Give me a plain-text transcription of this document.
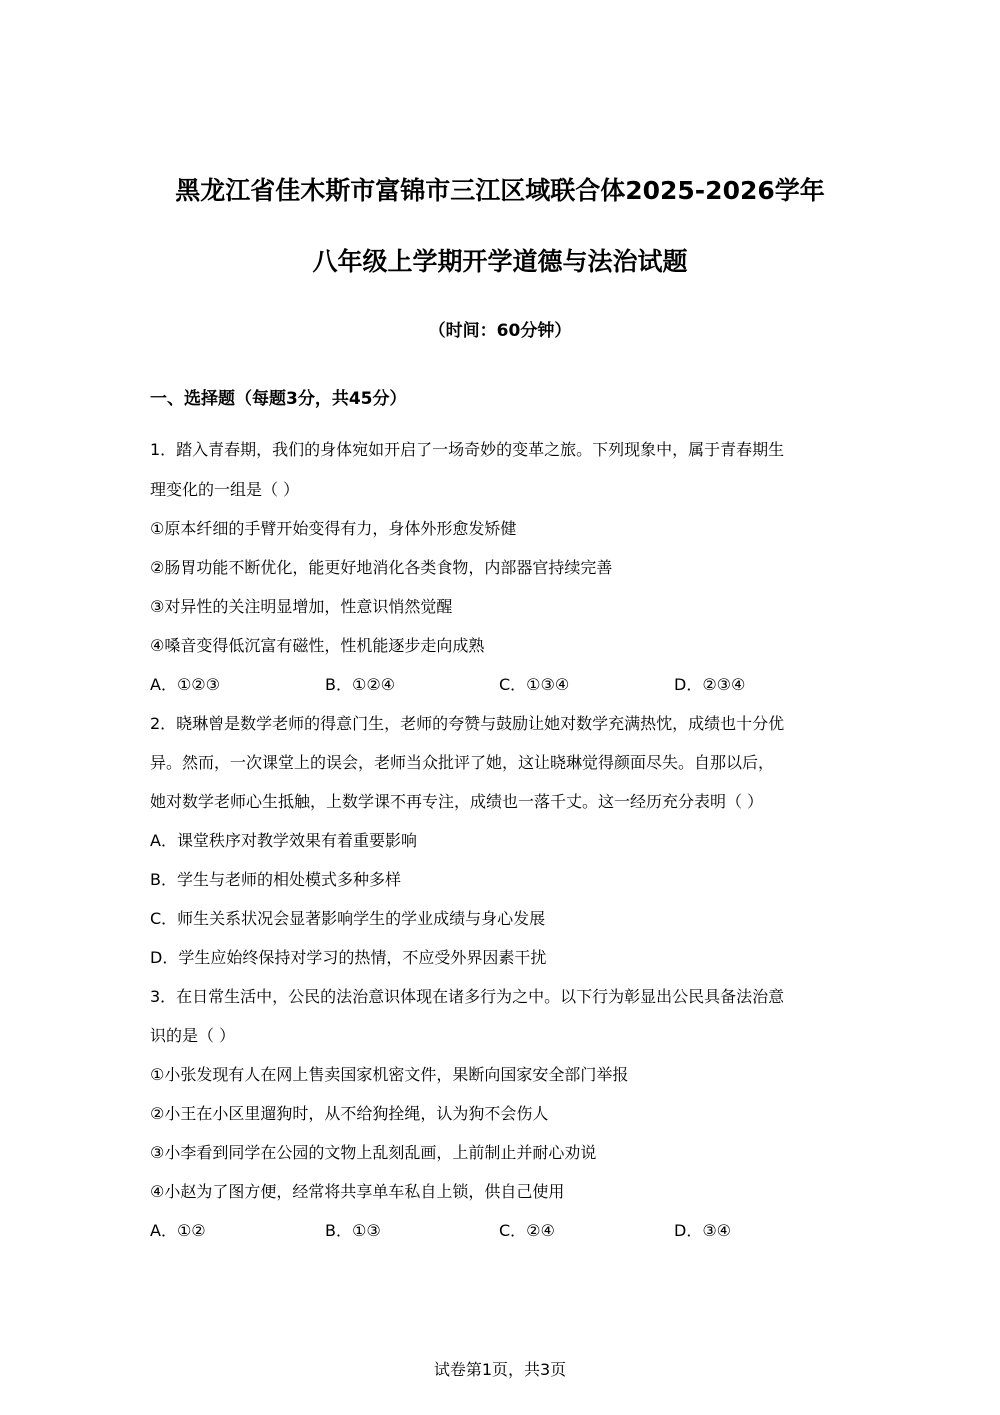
黑龙江省佳木斯市富锦市三江区域联合体2025-2026学年
八年级上学期开学道德与法治试题
（时间：60分钟）
一、选择题（每题3分，共45分）
1．踏入青春期，我们的身体宛如开启了一场奇妙的变革之旅。下列现象中，属于青春期生
理变化的一组是（ ）
①原本纤细的手臂开始变得有力，身体外形愈发矫健
②肠胃功能不断优化，能更好地消化各类食物，内部器官持续完善
③对异性的关注明显增加，性意识悄然觉醒
④嗓音变得低沉富有磁性，性机能逐步走向成熟
A．①②③	B．①②④	C．①③④	D．②③④
2．晓琳曾是数学老师的得意门生，老师的夸赞与鼓励让她对数学充满热忱，成绩也十分优
异。然而，一次课堂上的误会，老师当众批评了她，这让晓琳觉得颜面尽失。自那以后，
她对数学老师心生抵触，上数学课不再专注，成绩也一落千丈。这一经历充分表明（ ）
A．课堂秩序对教学效果有着重要影响
B．学生与老师的相处模式多种多样
C．师生关系状况会显著影响学生的学业成绩与身心发展
D．学生应始终保持对学习的热情，不应受外界因素干扰
3．在日常生活中，公民的法治意识体现在诸多行为之中。以下行为彰显出公民具备法治意
识的是（ ）
①小张发现有人在网上售卖国家机密文件，果断向国家安全部门举报
②小王在小区里遛狗时，从不给狗拴绳，认为狗不会伤人
③小李看到同学在公园的文物上乱刻乱画，上前制止并耐心劝说
④小赵为了图方便，经常将共享单车私自上锁，供自己使用
A．①②	B．①③	C．②④	D．③④
试卷第1页，共3页
